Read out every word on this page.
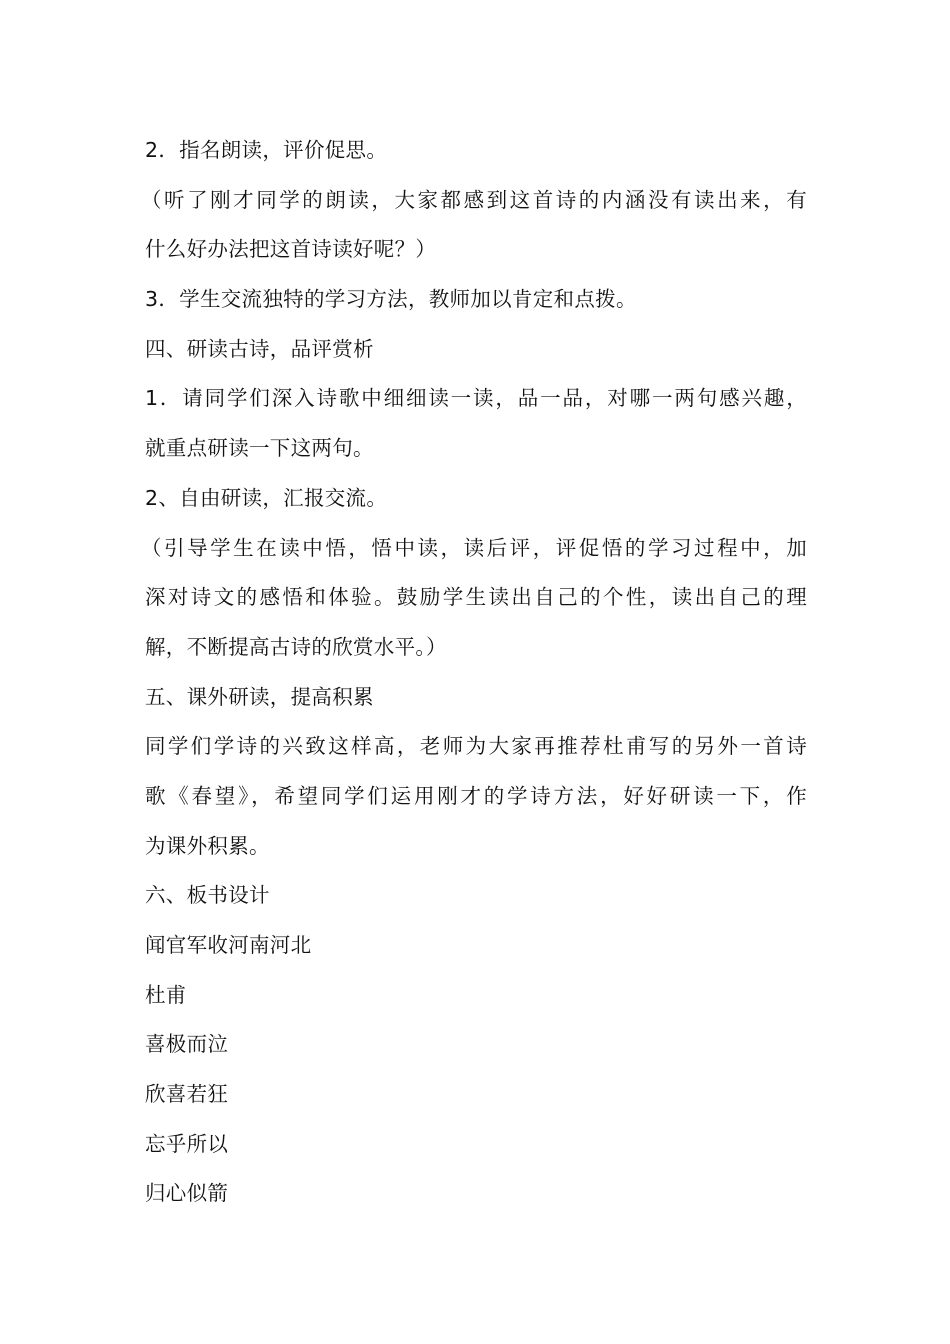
2．指名朗读，评价促思。
（听了刚才同学的朗读，大家都感到这首诗的内涵没有读出来，有
什么好办法把这首诗读好呢？）
3．学生交流独特的学习方法，教师加以肯定和点拨。
四、研读古诗，品评赏析
1．请同学们深入诗歌中细细读一读，品一品，对哪一两句感兴趣，
就重点研读一下这两句。
2、自由研读，汇报交流。
（引导学生在读中悟，悟中读，读后评，评促悟的学习过程中，加
深对诗文的感悟和体验。鼓励学生读出自己的个性，读出自己的理
解，不断提高古诗的欣赏水平。）
五、课外研读，提高积累
同学们学诗的兴致这样高，老师为大家再推荐杜甫写的另外一首诗
歌《春望》，希望同学们运用刚才的学诗方法，好好研读一下，作
为课外积累。
六、板书设计
闻官军收河南河北
杜甫
喜极而泣
欣喜若狂
忘乎所以
归心似箭
